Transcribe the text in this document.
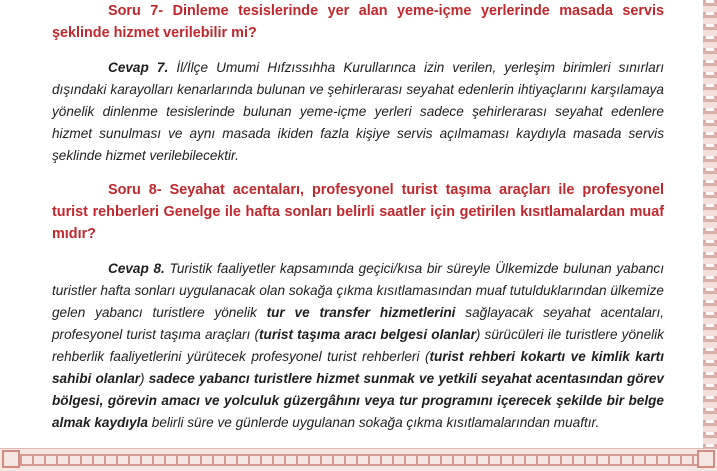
Soru 7- Dinleme tesislerinde yer alan yeme-içme yerlerinde masada servis şeklinde hizmet verilebilir mi?

Cevap 7. İl/İlçe Umumi Hıfzıssıhha Kurullarınca izin verilen, yerleşim birimleri sınırları dışındaki karayolları kenarlarında bulunan ve şehirlerarası seyahat edenlerin ihtiyaçlarını karşılamaya yönelik dinlenme tesislerinde bulunan yeme-içme yerleri sadece şehirlerarası seyahat edenlere hizmet sunulması ve aynı masada ikiden fazla kişiye servis açılmaması kaydıyla masada servis şeklinde hizmet verilebilecektir.

Soru 8- Seyahat acentaları, profesyonel turist taşıma araçları ile profesyonel turist rehberleri Genelge ile hafta sonları belirli saatler için getirilen kısıtlamalardan muaf mıdır?

Cevap 8. Turistik faaliyetler kapsamında geçici/kısa bir süreyle Ülkemizde bulunan yabancı turistler hafta sonları uygulanacak olan sokağa çıkma kısıtlamasından muaf tutulduklarından ülkemize gelen yabancı turistlere yönelik tur ve transfer hizmetlerini sağlayacak seyahat acentaları, profesyonel turist taşıma araçları (turist taşıma aracı belgesi olanlar) sürücüleri ile turistlere yönelik rehberlik faaliyetlerini yürütecek profesyonel turist rehberleri (turist rehberi kokartı ve kimlik kartı sahibi olanlar) sadece yabancı turistlere hizmet sunmak ve yetkili seyahat acentasından görev bölgesi, görevin amacı ve yolculuk güzergâhını veya tur programını içerecek şekilde bir belge almak kaydıyla belirli süre ve günlerde uygulanan sokağa çıkma kısıtlamalarından muaftır.
